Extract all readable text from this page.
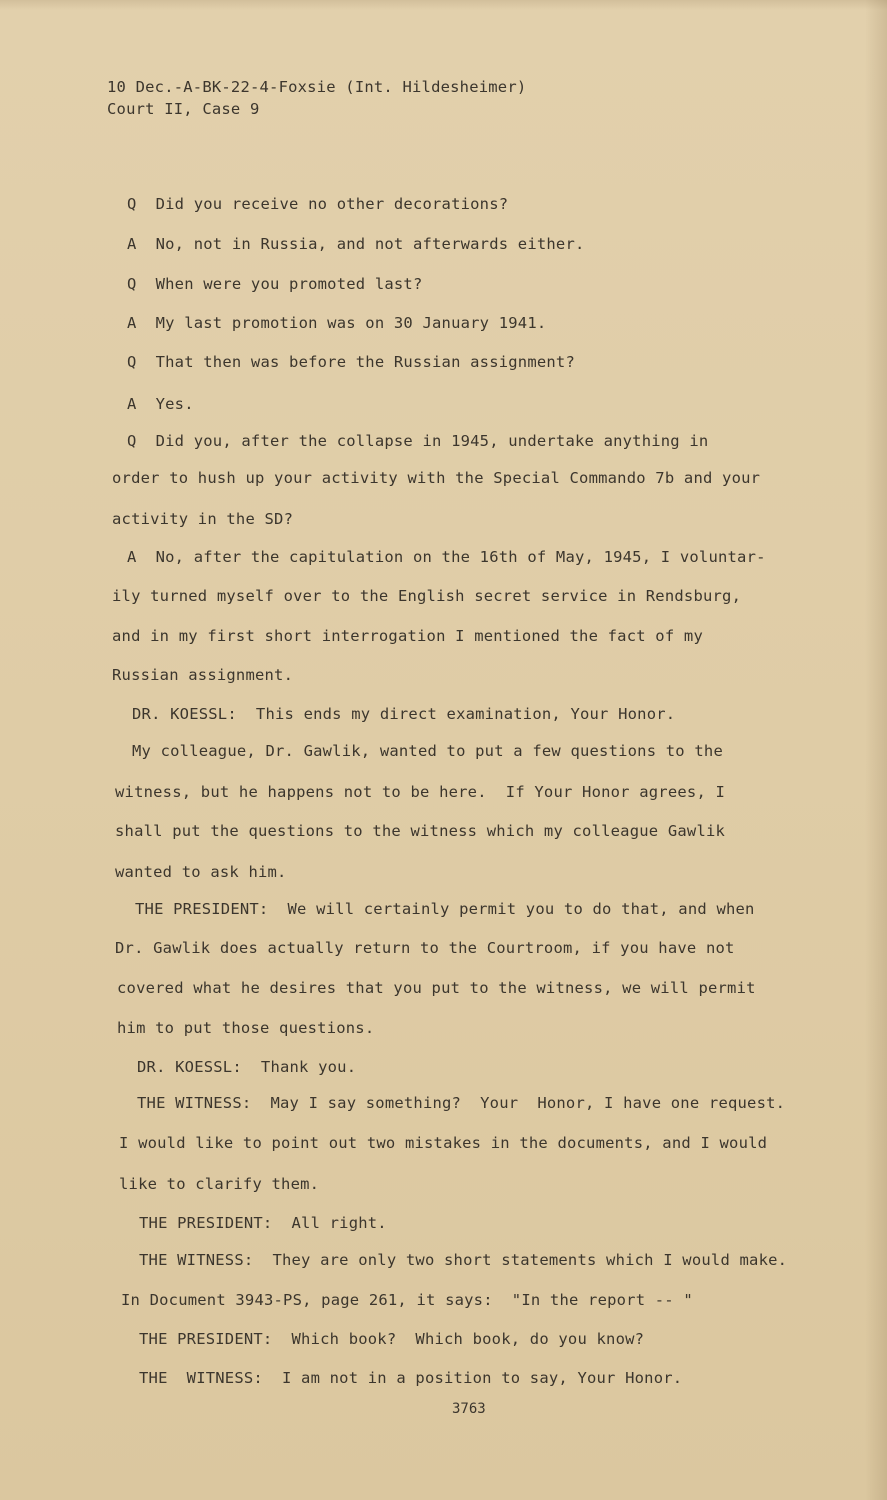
10 Dec.-A-BK-22-4-Foxsie (Int. Hildesheimer)
Court II, Case 9
Q  Did you receive no other decorations?
A  No, not in Russia, and not afterwards either.
Q  When were you promoted last?
A  My last promotion was on 30 January 1941.
Q  That then was before the Russian assignment?
A  Yes.
Q  Did you, after the collapse in 1945, undertake anything in
order to hush up your activity with the Special Commando 7b and your
activity in the SD?
A  No, after the capitulation on the 16th of May, 1945, I voluntar-
ily turned myself over to the English secret service in Rendsburg,
and in my first short interrogation I mentioned the fact of my
Russian assignment.
DR. KOESSL:  This ends my direct examination, Your Honor.
My colleague, Dr. Gawlik, wanted to put a few questions to the
witness, but he happens not to be here.  If Your Honor agrees, I
shall put the questions to the witness which my colleague Gawlik
wanted to ask him.
THE PRESIDENT:  We will certainly permit you to do that, and when
Dr. Gawlik does actually return to the Courtroom, if you have not
covered what he desires that you put to the witness, we will permit
him to put those questions.
DR. KOESSL:  Thank you.
THE WITNESS:  May I say something?  Your  Honor, I have one request.
I would like to point out two mistakes in the documents, and I would
like to clarify them.
THE PRESIDENT:  All right.
THE WITNESS:  They are only two short statements which I would make.
In Document 3943-PS, page 261, it says:  "In the report -- "
THE PRESIDENT:  Which book?  Which book, do you know?
THE  WITNESS:  I am not in a position to say, Your Honor.
3763
